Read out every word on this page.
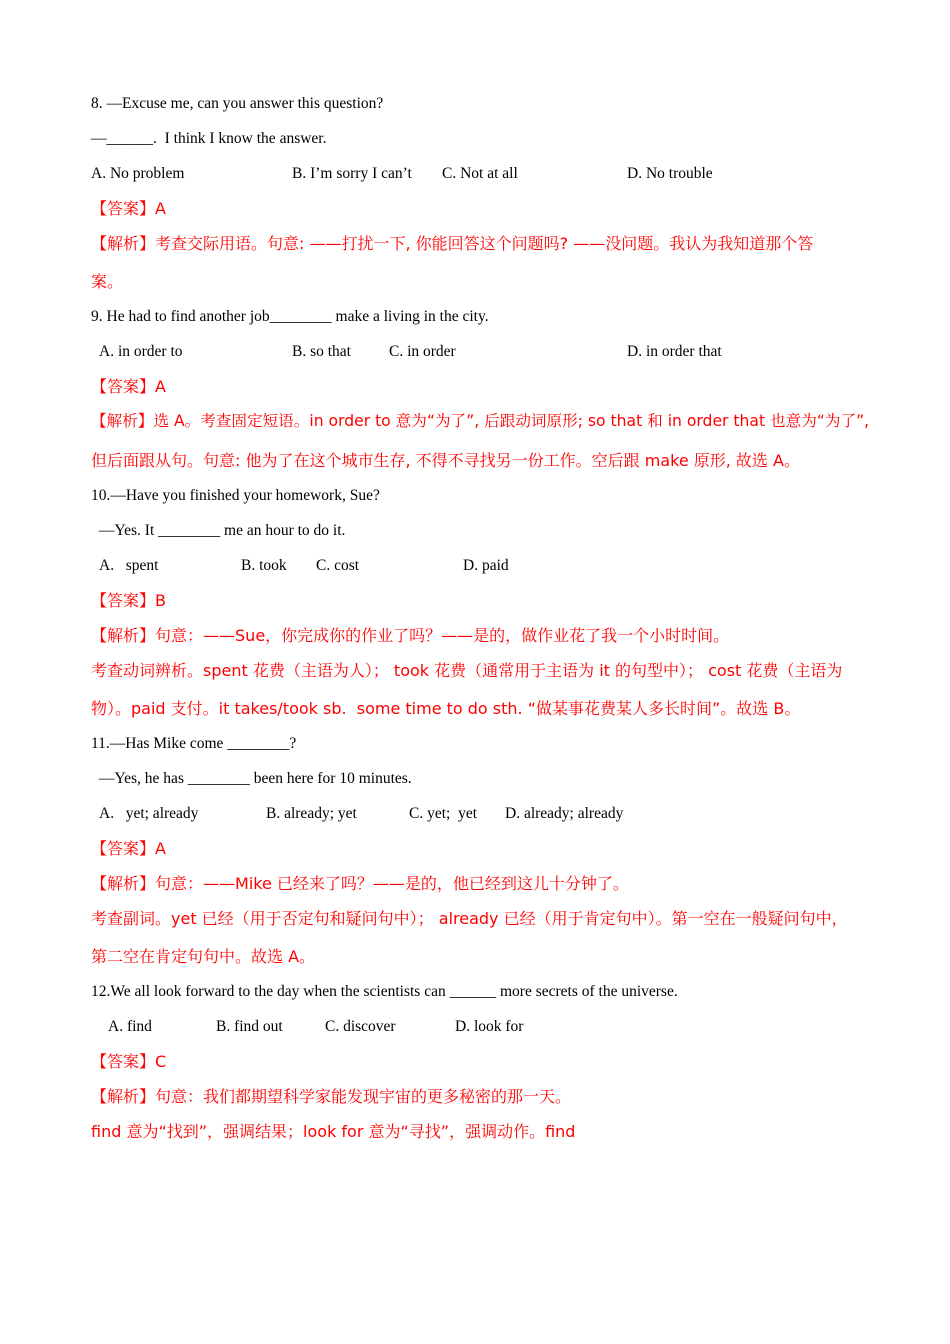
8. —Excuse me, can you answer this question?
—______.  I think I know the answer.

A. No problem

	B. I’m sorry I can’t

C. Not at all

	D. No trouble

【答案】A
【解析】考查交际用语。句意: ——打扰一下, 你能回答这个问题吗? ——没问题。我认为我知道那个答
案。
9. He had to find another job________ make a living in the city.

A. in order to

	B. so that

C. in order

	D. in order that

【答案】A
【解析】选 A。考查固定短语。in order to 意为“为了”, 后跟动词原形; so that 和 in order that 也意为“为了”,
但后面跟从句。句意: 他为了在这个城市生存, 不得不寻找另一份工作。空后跟 make 原形, 故选 A。
10.—Have you finished your homework, Sue?
—Yes. It ________ me an hour to do it.

A.   spent

	B. took

C. cost

	D. paid

【答案】B
【解析】句意：——Sue，你完成你的作业了吗？——是的，做作业花了我一个小时时间。
考查动词辨析。spent 花费（主语为人）； took 花费（通常用于主语为 it 的句型中）； cost 花费（主语为
物）。paid 支付。it takes/took sb.  some time to do sth. “做某事花费某人多长时间”。故选 B。
11.—Has Mike come ________?
—Yes, he has ________ been here for 10 minutes.

A.   yet; already

	B. already; yet

	C. yet;  yet

D. already; already

【答案】A
【解析】句意：——Mike 已经来了吗？——是的，他已经到这儿十分钟了。
考查副词。yet 已经（用于否定句和疑问句中）； already 已经（用于肯定句中）。第一空在一般疑问句中，
第二空在肯定句句中。故选 A。
12.We all look forward to the day when the scientists can ______ more secrets of the universe.

A. find

	B. find out

	C. discover

	D. look for

【答案】C
【解析】句意：我们都期望科学家能发现宇宙的更多秘密的那一天。
find 意为“找到”，强调结果；look for 意为“寻找”，强调动作。find
